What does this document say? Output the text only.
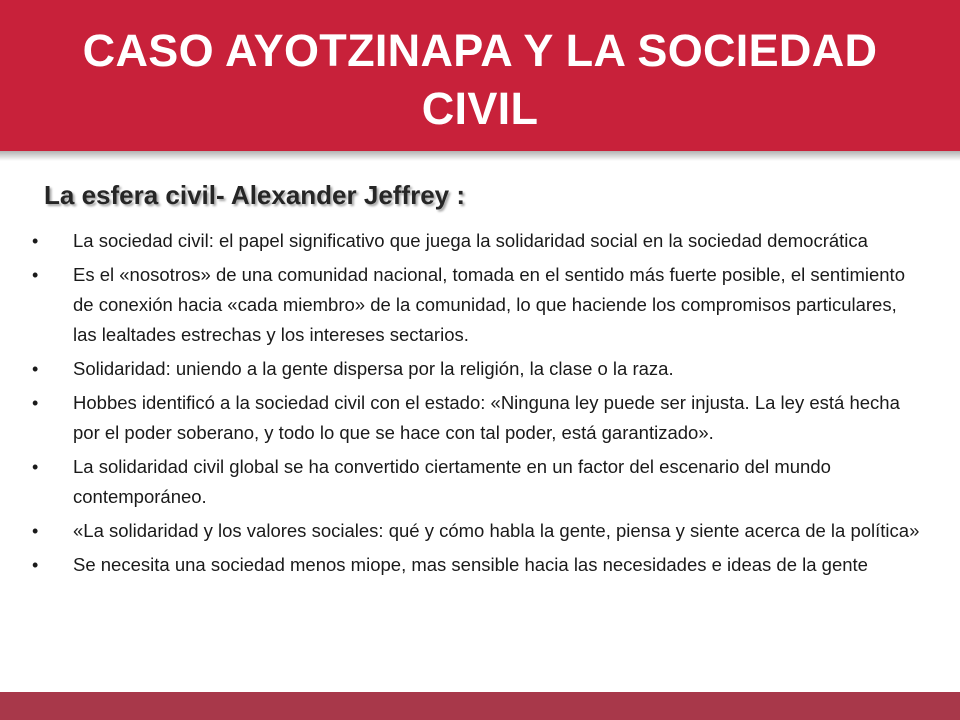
CASO AYOTZINAPA Y LA SOCIEDAD CIVIL
La esfera civil- Alexander Jeffrey :
• La sociedad civil: el papel significativo que juega la solidaridad social en la sociedad democrática
• Es el «nosotros» de una comunidad nacional, tomada en el sentido más fuerte posible, el sentimiento de conexión hacia «cada miembro» de la comunidad, lo que haciende los compromisos particulares, las lealtades estrechas y los intereses sectarios.
• Solidaridad: uniendo a la gente dispersa por la religión, la clase o la raza.
• Hobbes identificó a la sociedad civil con el estado: «Ninguna ley puede ser injusta. La ley está hecha por el poder soberano, y todo lo que se hace con tal poder, está garantizado».
• La solidaridad civil global se ha convertido ciertamente en un factor del escenario del mundo contemporáneo.
• «La solidaridad y los valores sociales: qué y cómo habla la gente, piensa y siente acerca de la política»
• Se necesita una sociedad menos miope, mas sensible hacia las necesidades e ideas de la gente
